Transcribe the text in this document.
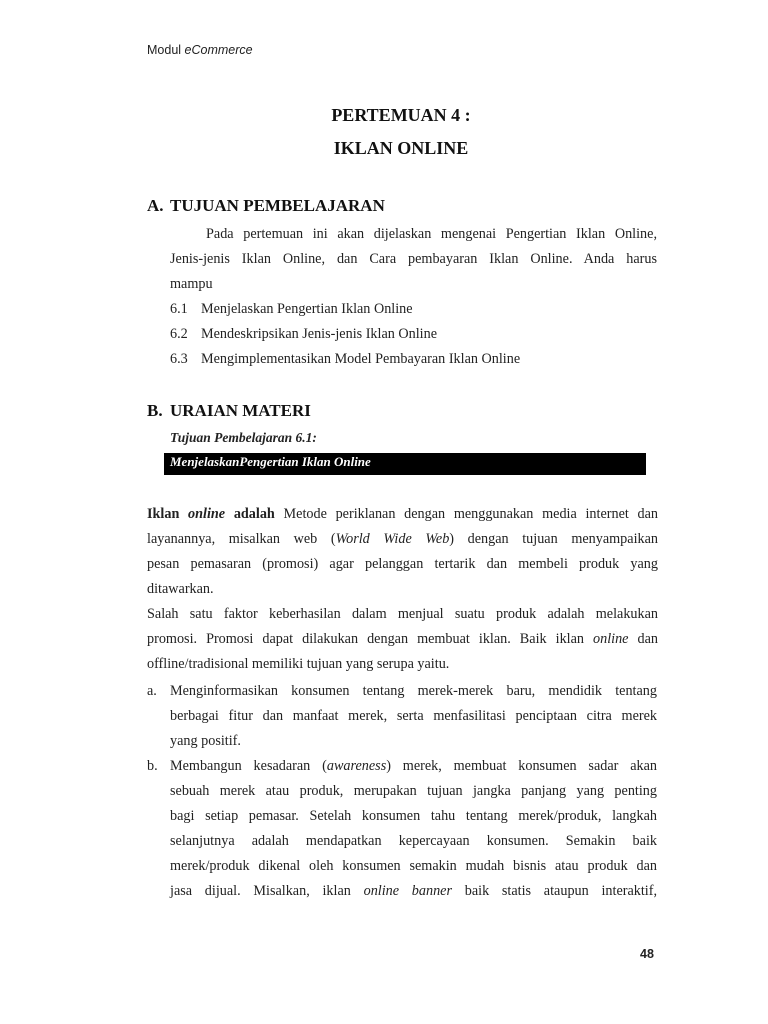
Modul eCommerce
PERTEMUAN 4 :
IKLAN ONLINE
A. TUJUAN PEMBELAJARAN
Pada pertemuan ini akan dijelaskan mengenai Pengertian Iklan Online,
Jenis-jenis Iklan Online, dan Cara pembayaran Iklan Online. Anda harus
mampu
6.1 Menjelaskan Pengertian Iklan Online
6.2 Mendeskripsikan Jenis-jenis Iklan Online
6.3 Mengimplementasikan Model Pembayaran Iklan Online
B. URAIAN MATERI
Tujuan Pembelajaran 6.1:
MenjelaskanPengertian Iklan Online
Iklan online adalah Metode periklanan dengan menggunakan media internet dan
layanannya, misalkan web (World Wide Web) dengan tujuan menyampaikan
pesan pemasaran (promosi) agar pelanggan tertarik dan membeli produk yang
ditawarkan.
Salah satu faktor keberhasilan dalam menjual suatu produk adalah melakukan
promosi. Promosi dapat dilakukan dengan membuat iklan. Baik iklan online dan
offline/tradisional memiliki tujuan yang serupa yaitu.
a. Menginformasikan konsumen tentang merek-merek baru, mendidik tentang
berbagai fitur dan manfaat merek, serta menfasilitasi penciptaan citra merek
yang positif.
b. Membangun kesadaran (awareness) merek, membuat konsumen sadar akan
sebuah merek atau produk, merupakan tujuan jangka panjang yang penting
bagi setiap pemasar. Setelah konsumen tahu tentang merek/produk, langkah
selanjutnya adalah mendapatkan kepercayaan konsumen. Semakin baik
merek/produk dikenal oleh konsumen semakin mudah bisnis atau produk dan
jasa dijual. Misalkan, iklan online banner baik statis ataupun interaktif,
48
